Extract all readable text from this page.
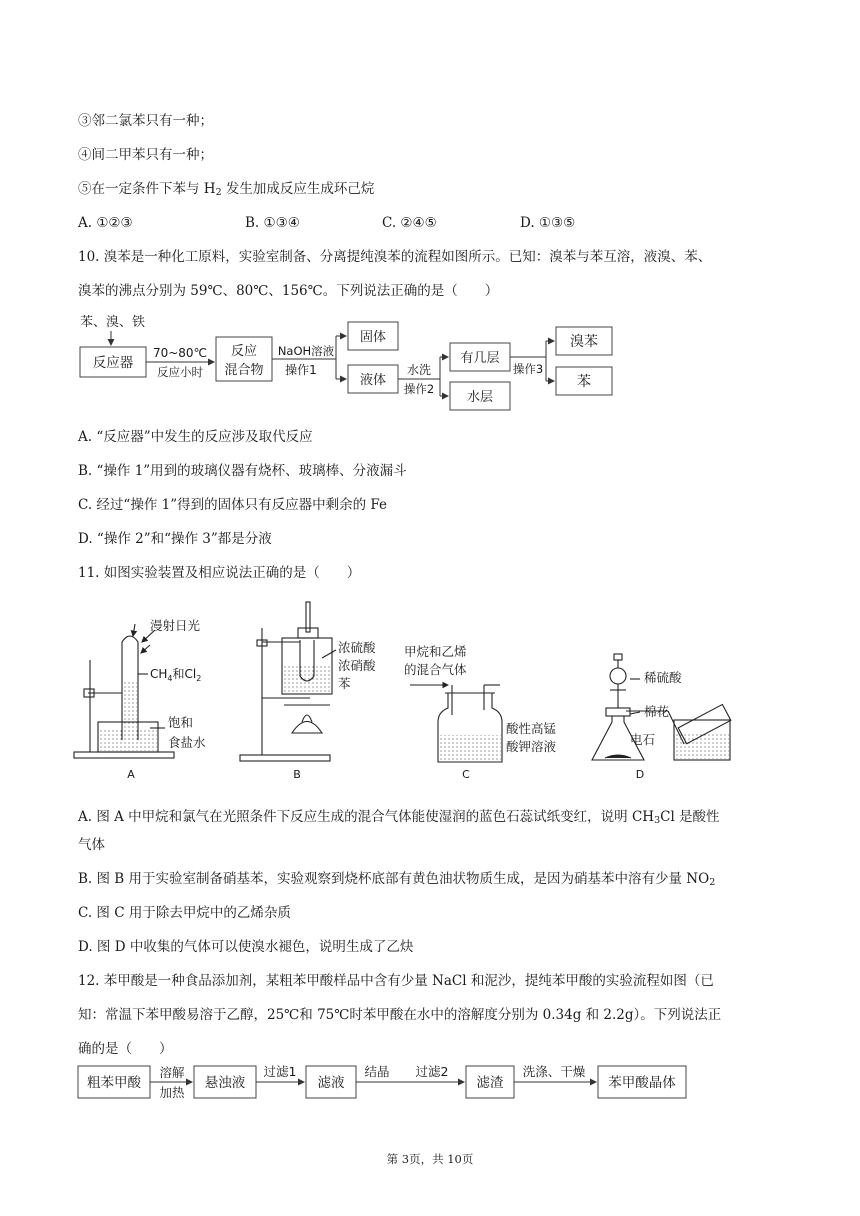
③邻二氯苯只有一种；
④间二甲苯只有一种；
⑤在一定条件下苯与 $H_2$ 发生加成反应生成环己烷
A. ①②③	B. ①③④	C. ②④⑤	D. ①③⑤
10. 溴苯是一种化工原料，实验室制备、分离提纯溴苯的流程如图所示。已知：溴苯与苯互溶，液溴、苯、
溴苯的沸点分别为 59℃、80℃、156℃。下列说法正确的是（　　）
苯、溴、铁
反应器
70~80℃
反应小时
反应
混合物
NaOH溶液
操作1
固体
液体
水洗
操作2
有几层
水层
操作3
溴苯
苯
A. “反应器”中发生的反应涉及取代反应
B. “操作 1”用到的玻璃仪器有烧杯、玻璃棒、分液漏斗
C. 经过“操作 1”得到的固体只有反应器中剩余的 Fe
D. “操作 2”和“操作 3”都是分液
11. 如图实验装置及相应说法正确的是（　　）
漫射日光
$CH_4$和$Cl_2$
饱和
食盐水
A
浓硫酸
浓硝酸
苯
B
甲烷和乙烯
的混合气体
酸性高锰
酸钾溶液
C
稀硫酸
棉花
电石
D
A. 图 A 中甲烷和氯气在光照条件下反应生成的混合气体能使湿润的蓝色石蕊试纸变红，说明 $CH_3Cl$ 是酸性
气体
B. 图 B 用于实验室制备硝基苯，实验观察到烧杯底部有黄色油状物质生成，是因为硝基苯中溶有少量 $NO_2$
C. 图 C 用于除去甲烷中的乙烯杂质
D. 图 D 中收集的气体可以使溴水褪色，说明生成了乙炔
12. 苯甲酸是一种食品添加剂，某粗苯甲酸样品中含有少量 NaCl 和泥沙，提纯苯甲酸的实验流程如图（已
知：常温下苯甲酸易溶于乙醇，25℃和 75℃时苯甲酸在水中的溶解度分别为 0.34g 和 2.2g）。下列说法正
确的是（　　）
粗苯甲酸
溶解
加热
悬浊液
过滤1
滤液
结晶 过滤2
滤渣
洗涤、干燥
苯甲酸晶体
第 3页，共 10页
